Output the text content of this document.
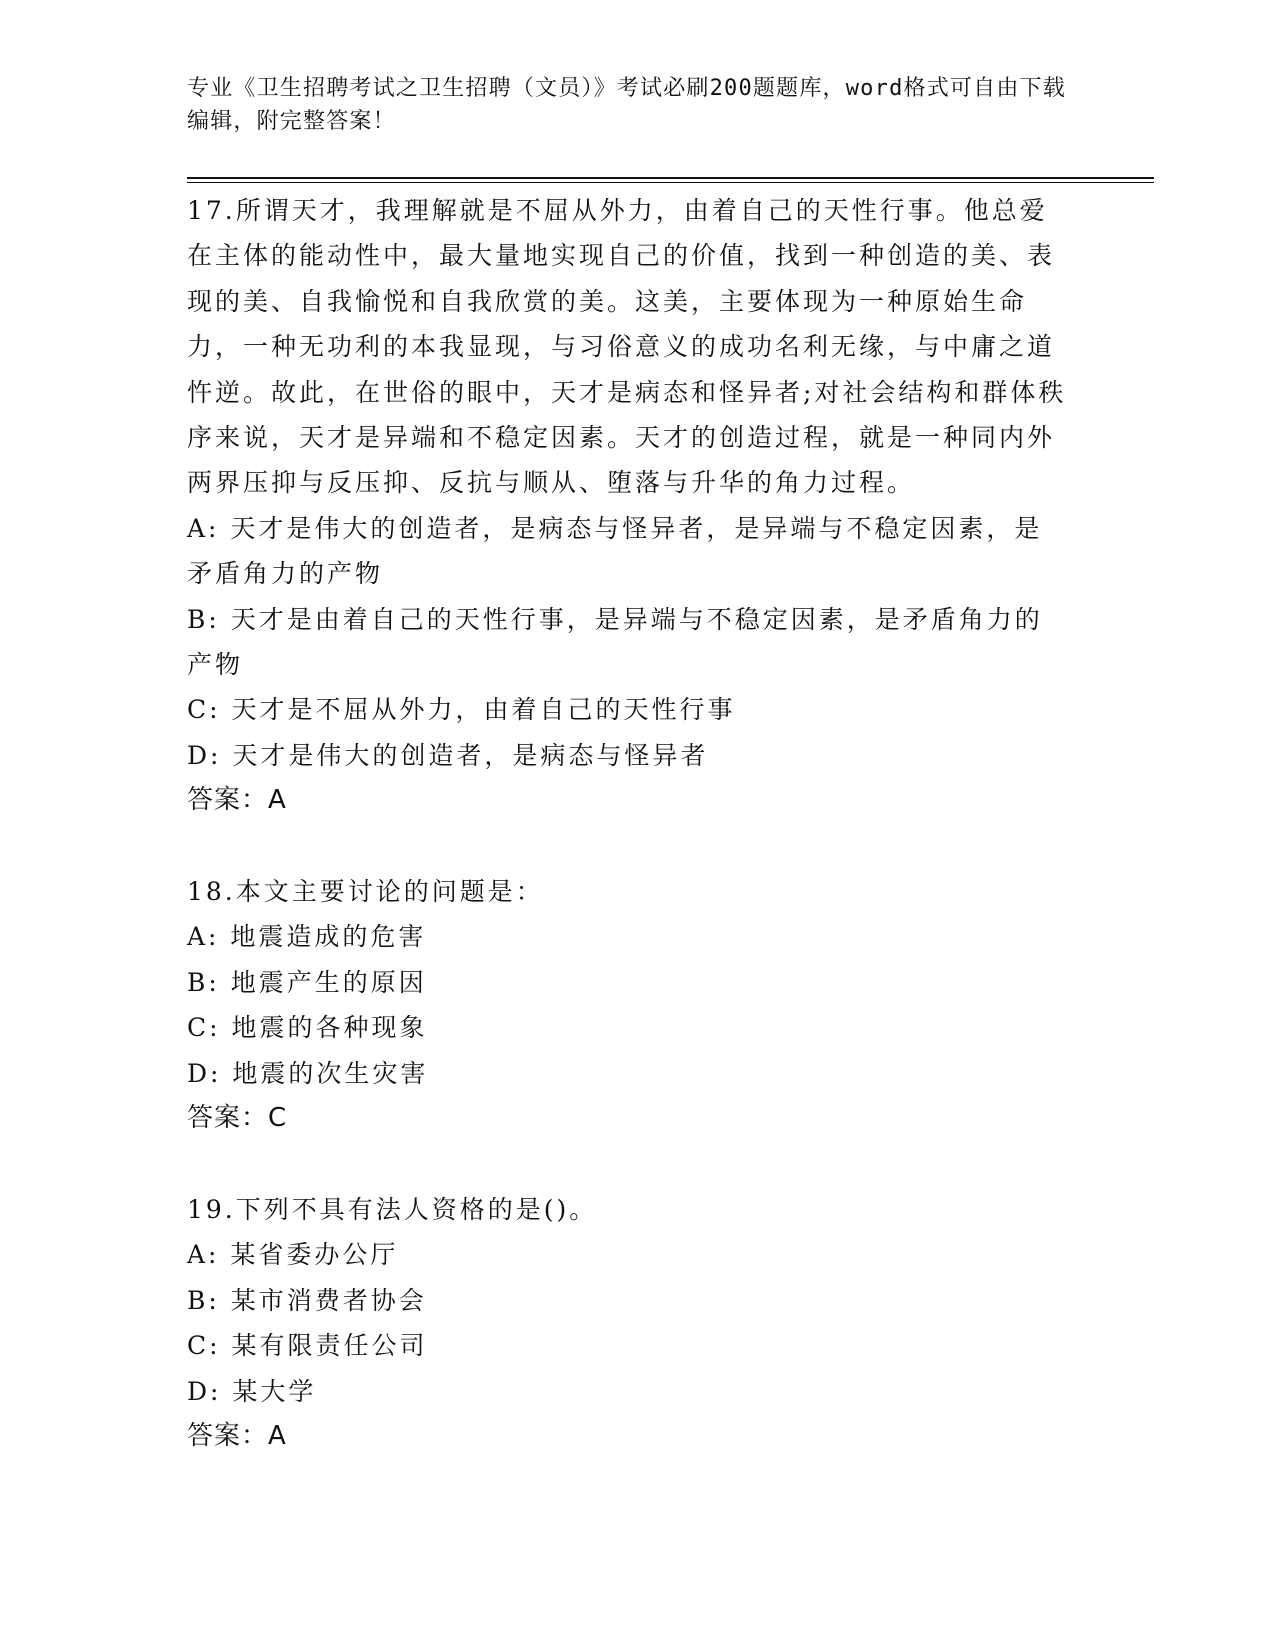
专业《卫生招聘考试之卫生招聘（文员）》考试必刷200题题库，word格式可自由下载编辑，附完整答案！
17.所谓天才，我理解就是不屈从外力，由着自己的天性行事。他总爱在主体的能动性中，最大量地实现自己的价值，找到一种创造的美、表现的美、自我愉悦和自我欣赏的美。这美，主要体现为一种原始生命力，一种无功利的本我显现，与习俗意义的成功名利无缘，与中庸之道忤逆。故此，在世俗的眼中，天才是病态和怪异者;对社会结构和群体秩序来说，天才是异端和不稳定因素。天才的创造过程，就是一种同内外两界压抑与反压抑、反抗与顺从、堕落与升华的角力过程。
A: 天才是伟大的创造者，是病态与怪异者，是异端与不稳定因素，是矛盾角力的产物
B: 天才是由着自己的天性行事，是异端与不稳定因素，是矛盾角力的产物
C: 天才是不屈从外力，由着自己的天性行事
D: 天才是伟大的创造者，是病态与怪异者
答案：A
18.本文主要讨论的问题是：
A: 地震造成的危害
B: 地震产生的原因
C: 地震的各种现象
D: 地震的次生灾害
答案：C
19.下列不具有法人资格的是()。
A: 某省委办公厅
B: 某市消费者协会
C: 某有限责任公司
D: 某大学
答案：A
